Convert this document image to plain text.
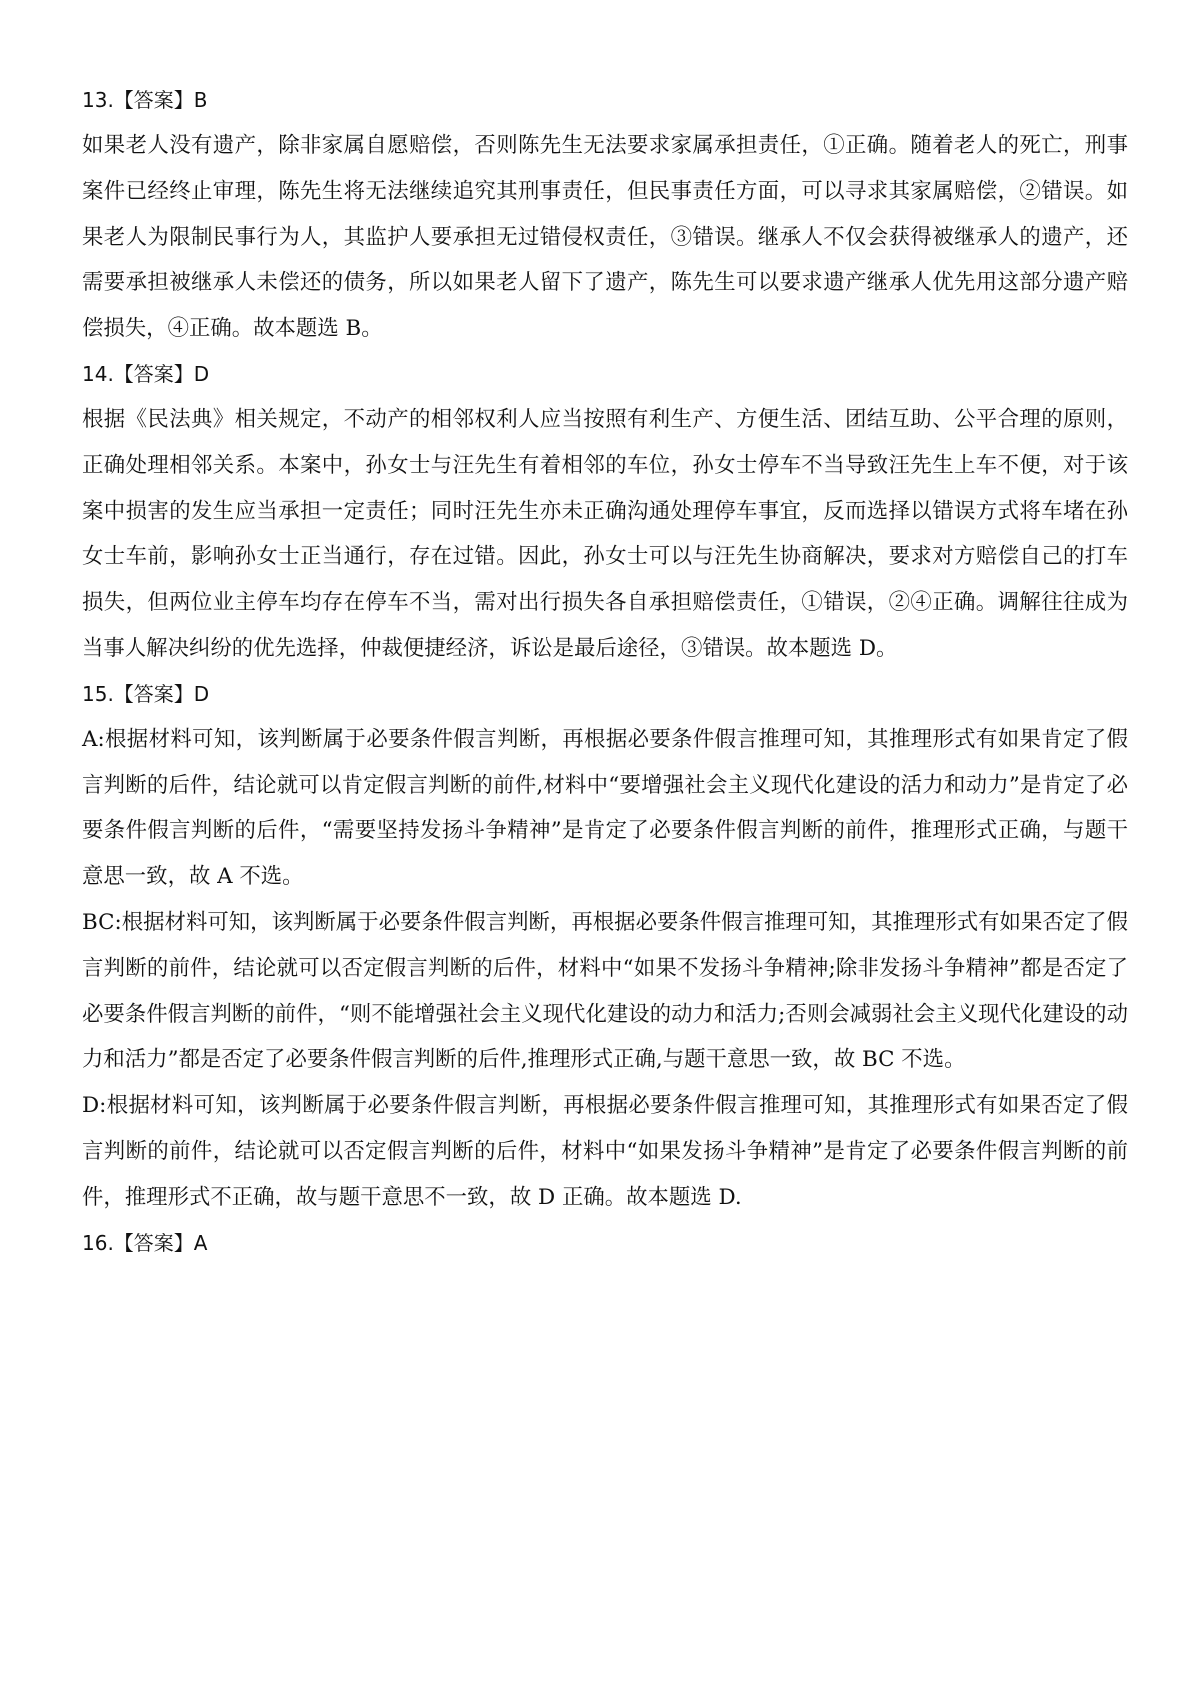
13.【答案】B

如果老人没有遗产，除非家属自愿赔偿，否则陈先生无法要求家属承担责任，①正确。随着老人的死亡，刑事案件已经终止审理，陈先生将无法继续追究其刑事责任，但民事责任方面，可以寻求其家属赔偿，②错误。如果老人为限制民事行为人，其监护人要承担无过错侵权责任，③错误。继承人不仅会获得被继承人的遗产，还需要承担被继承人未偿还的债务，所以如果老人留下了遗产，陈先生可以要求遗产继承人优先用这部分遗产赔偿损失，④正确。故本题选 B。

14.【答案】D

根据《民法典》相关规定，不动产的相邻权利人应当按照有利生产、方便生活、团结互助、公平合理的原则，正确处理相邻关系。本案中，孙女士与汪先生有着相邻的车位，孙女士停车不当导致汪先生上车不便，对于该案中损害的发生应当承担一定责任；同时汪先生亦未正确沟通处理停车事宜，反而选择以错误方式将车堵在孙女士车前，影响孙女士正当通行，存在过错。因此，孙女士可以与汪先生协商解决，要求对方赔偿自己的打车损失，但两位业主停车均存在停车不当，需对出行损失各自承担赔偿责任，①错误，②④正确。调解往往成为当事人解决纠纷的优先选择，仲裁便捷经济，诉讼是最后途径，③错误。故本题选 D。

15.【答案】D

A:根据材料可知，该判断属于必要条件假言判断，再根据必要条件假言推理可知，其推理形式有如果肯定了假言判断的后件，结论就可以肯定假言判断的前件,材料中“要增强社会主义现代化建设的活力和动力”是肯定了必要条件假言判断的后件，“需要坚持发扬斗争精神”是肯定了必要条件假言判断的前件，推理形式正确，与题干意思一致，故 A 不选。

BC:根据材料可知，该判断属于必要条件假言判断，再根据必要条件假言推理可知，其推理形式有如果否定了假言判断的前件，结论就可以否定假言判断的后件，材料中“如果不发扬斗争精神;除非发扬斗争精神”都是否定了必要条件假言判断的前件，“则不能增强社会主义现代化建设的动力和活力;否则会减弱社会主义现代化建设的动力和活力”都是否定了必要条件假言判断的后件,推理形式正确,与题干意思一致，故 BC 不选。

D:根据材料可知，该判断属于必要条件假言判断，再根据必要条件假言推理可知，其推理形式有如果否定了假言判断的前件，结论就可以否定假言判断的后件，材料中“如果发扬斗争精神”是肯定了必要条件假言判断的前件，推理形式不正确，故与题干意思不一致，故 D 正确。故本题选 D.

16.【答案】A
